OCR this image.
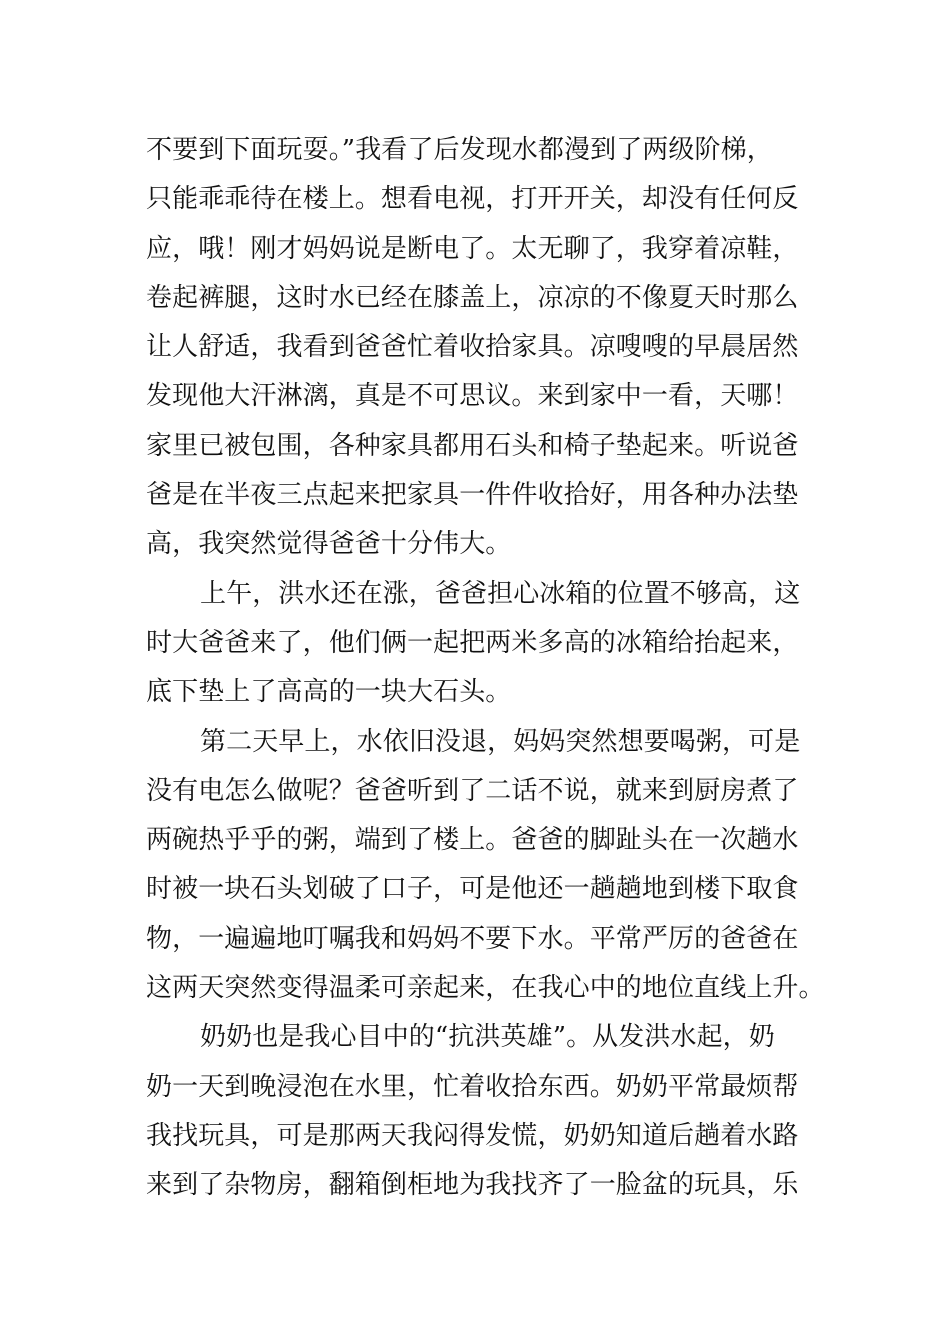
不要到下面玩耍。”我看了后发现水都漫到了两级阶梯，
只能乖乖待在楼上。想看电视，打开开关，却没有任何反
应，哦！刚才妈妈说是断电了。太无聊了，我穿着凉鞋，
卷起裤腿，这时水已经在膝盖上，凉凉的不像夏天时那么
让人舒适，我看到爸爸忙着收拾家具。凉嗖嗖的早晨居然
发现他大汗淋漓，真是不可思议。来到家中一看，天哪！
家里已被包围，各种家具都用石头和椅子垫起来。听说爸
爸是在半夜三点起来把家具一件件收拾好，用各种办法垫
高，我突然觉得爸爸十分伟大。
上午，洪水还在涨，爸爸担心冰箱的位置不够高，这
时大爸爸来了，他们俩一起把两米多高的冰箱给抬起来，
底下垫上了高高的一块大石头。
第二天早上，水依旧没退，妈妈突然想要喝粥，可是
没有电怎么做呢？爸爸听到了二话不说，就来到厨房煮了
两碗热乎乎的粥，端到了楼上。爸爸的脚趾头在一次趟水
时被一块石头划破了口子，可是他还一趟趟地到楼下取食
物，一遍遍地叮嘱我和妈妈不要下水。平常严厉的爸爸在
这两天突然变得温柔可亲起来，在我心中的地位直线上升。
奶奶也是我心目中的“抗洪英雄”。从发洪水起，奶
奶一天到晚浸泡在水里，忙着收拾东西。奶奶平常最烦帮
我找玩具，可是那两天我闷得发慌，奶奶知道后趟着水路
来到了杂物房，翻箱倒柜地为我找齐了一脸盆的玩具，乐
